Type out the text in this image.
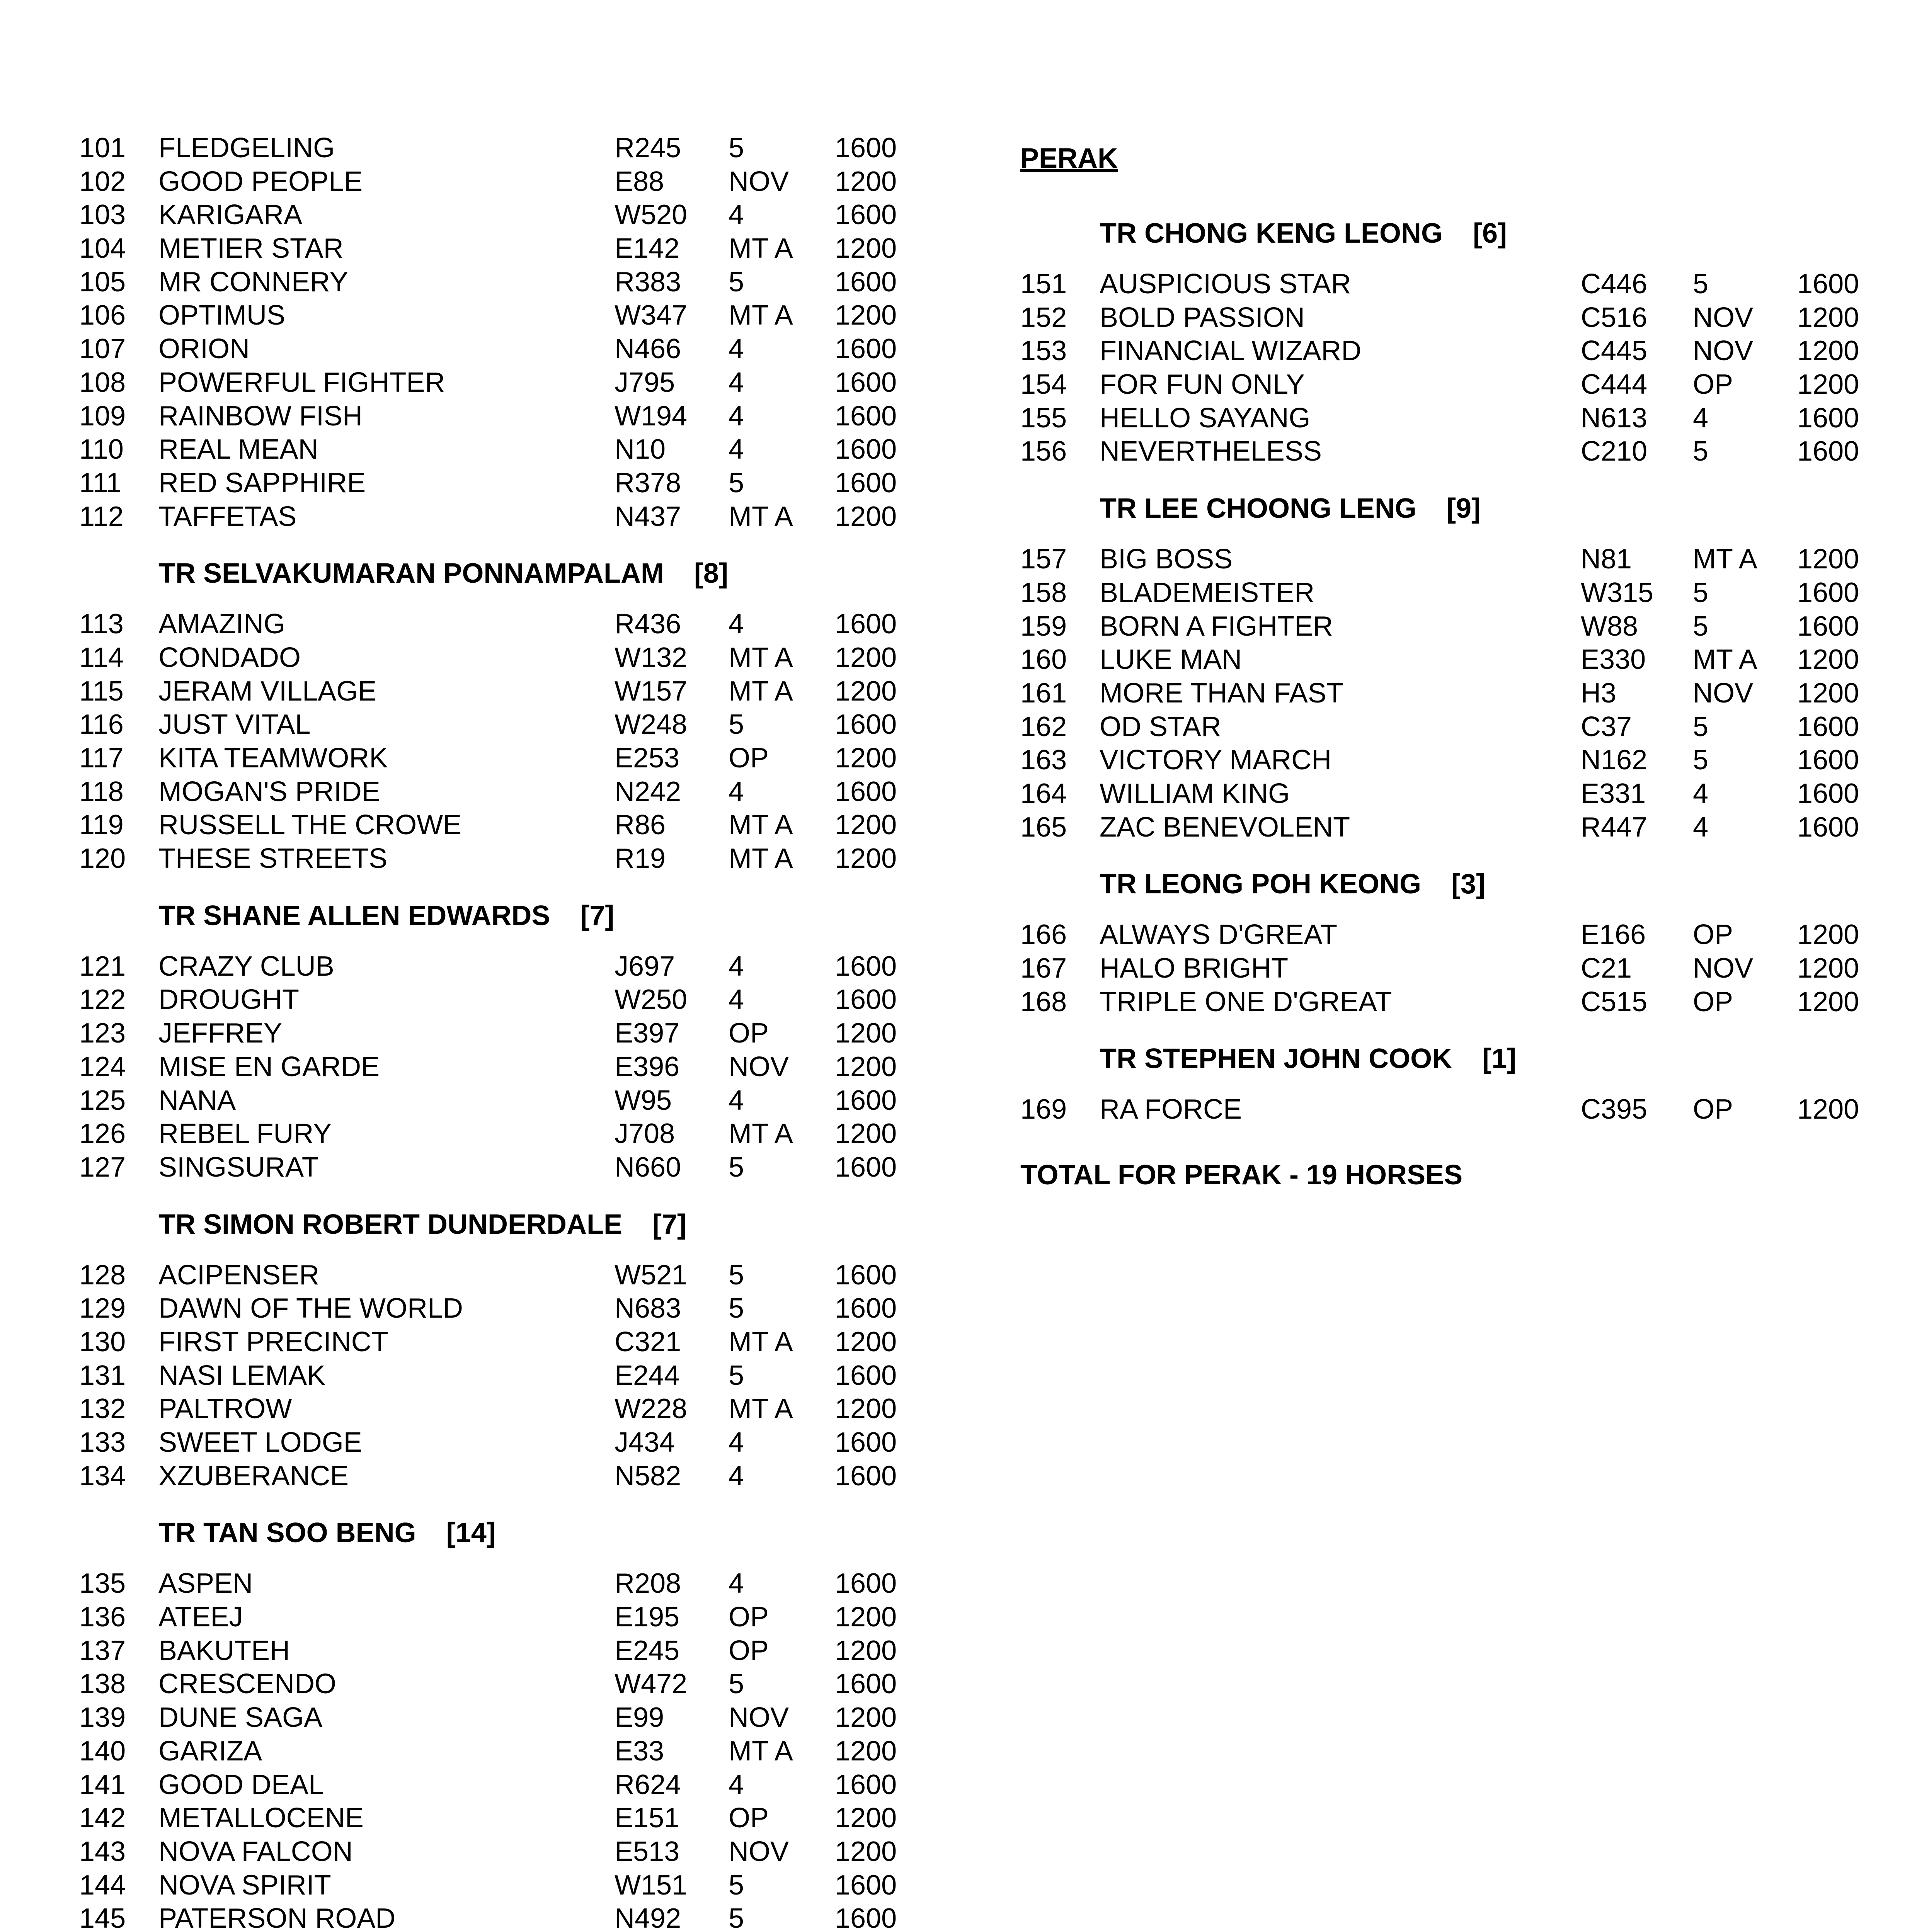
101 FLEDGELING	R245 5	1600
102 GOOD PEOPLE	E88 NOV 1200
103 KARIGARA	W520 4	1600
104 METIER STAR	E142 MT A 1200
105 MR CONNERY	R383 5	1600
106 OPTIMUS	W347 MT A 1200
107 ORION	N466 4	1600
108 POWERFUL FIGHTER	J795 4	1600
109 RAINBOW FISH	W194 4	1600
110 REAL MEAN	N10 4	1600
111 RED SAPPHIRE	R378 5	1600
112 TAFFETAS	N437 MT A 1200
TR SELVAKUMARAN PONNAMPALAM [8]
113 AMAZING	R436 4	1600
114 CONDADO	W132 MT A 1200
115 JERAM VILLAGE	W157 MT A 1200
116 JUST VITAL	W248 5	1600
117 KITA TEAMWORK	E253 OP 1200
118 MOGAN'S PRIDE	N242 4	1600
119 RUSSELL THE CROWE	R86 MT A 1200
120 THESE STREETS	R19 MT A 1200
TR SHANE ALLEN EDWARDS [7]
121 CRAZY CLUB	J697 4	1600
122 DROUGHT	W250 4	1600
123 JEFFREY	E397 OP 1200
124 MISE EN GARDE	E396 NOV 1200
125 NANA	W95 4	1600
126 REBEL FURY	J708 MT A 1200
127 SINGSURAT	N660 5	1600
TR SIMON ROBERT DUNDERDALE [7]
128 ACIPENSER	W521 5	1600
129 DAWN OF THE WORLD	N683 5	1600
130 FIRST PRECINCT	C321 MT A 1200
131 NASI LEMAK	E244 5	1600
132 PALTROW	W228 MT A 1200
133 SWEET LODGE	J434 4	1600
134 XZUBERANCE	N582 4	1600
TR TAN SOO BENG [14]
135 ASPEN	R208 4	1600
136 ATEEJ	E195 OP 1200
137 BAKUTEH	E245 OP 1200
138 CRESCENDO	W472 5	1600
139 DUNE SAGA	E99 NOV 1200
140 GARIZA	E33 MT A 1200
141 GOOD DEAL	R624 4	1600
142 METALLOCENE	E151 OP 1200
143 NOVA FALCON	E513 NOV 1200
144 NOVA SPIRIT	W151 5	1600
145 PATERSON ROAD	N492 5	1600
PERAK
TR CHONG KENG LEONG [6]
151 AUSPICIOUS STAR	C446 5	1600
152 BOLD PASSION	C516 NOV 1200
153 FINANCIAL WIZARD	C445 NOV 1200
154 FOR FUN ONLY	C444 OP 1200
155 HELLO SAYANG	N613 4	1600
156 NEVERTHELESS	C210 5	1600
TR LEE CHOONG LENG [9]
157 BIG BOSS	N81 MT A 1200
158 BLADEMEISTER	W315 5	1600
159 BORN A FIGHTER	W88 5	1600
160 LUKE MAN	E330 MT A 1200
161 MORE THAN FAST	H3	NOV 1200
162 OD STAR	C37 5	1600
163 VICTORY MARCH	N162 5	1600
164 WILLIAM KING	E331 4	1600
165 ZAC BENEVOLENT	R447 4	1600
TR LEONG POH KEONG [3]
166 ALWAYS D'GREAT	E166 OP 1200
167 HALO BRIGHT	C21 NOV 1200
168 TRIPLE ONE D'GREAT	C515 OP 1200
TR STEPHEN JOHN COOK [1]
169 RA FORCE	C395 OP 1200
TOTAL FOR PERAK - 19 HORSES
